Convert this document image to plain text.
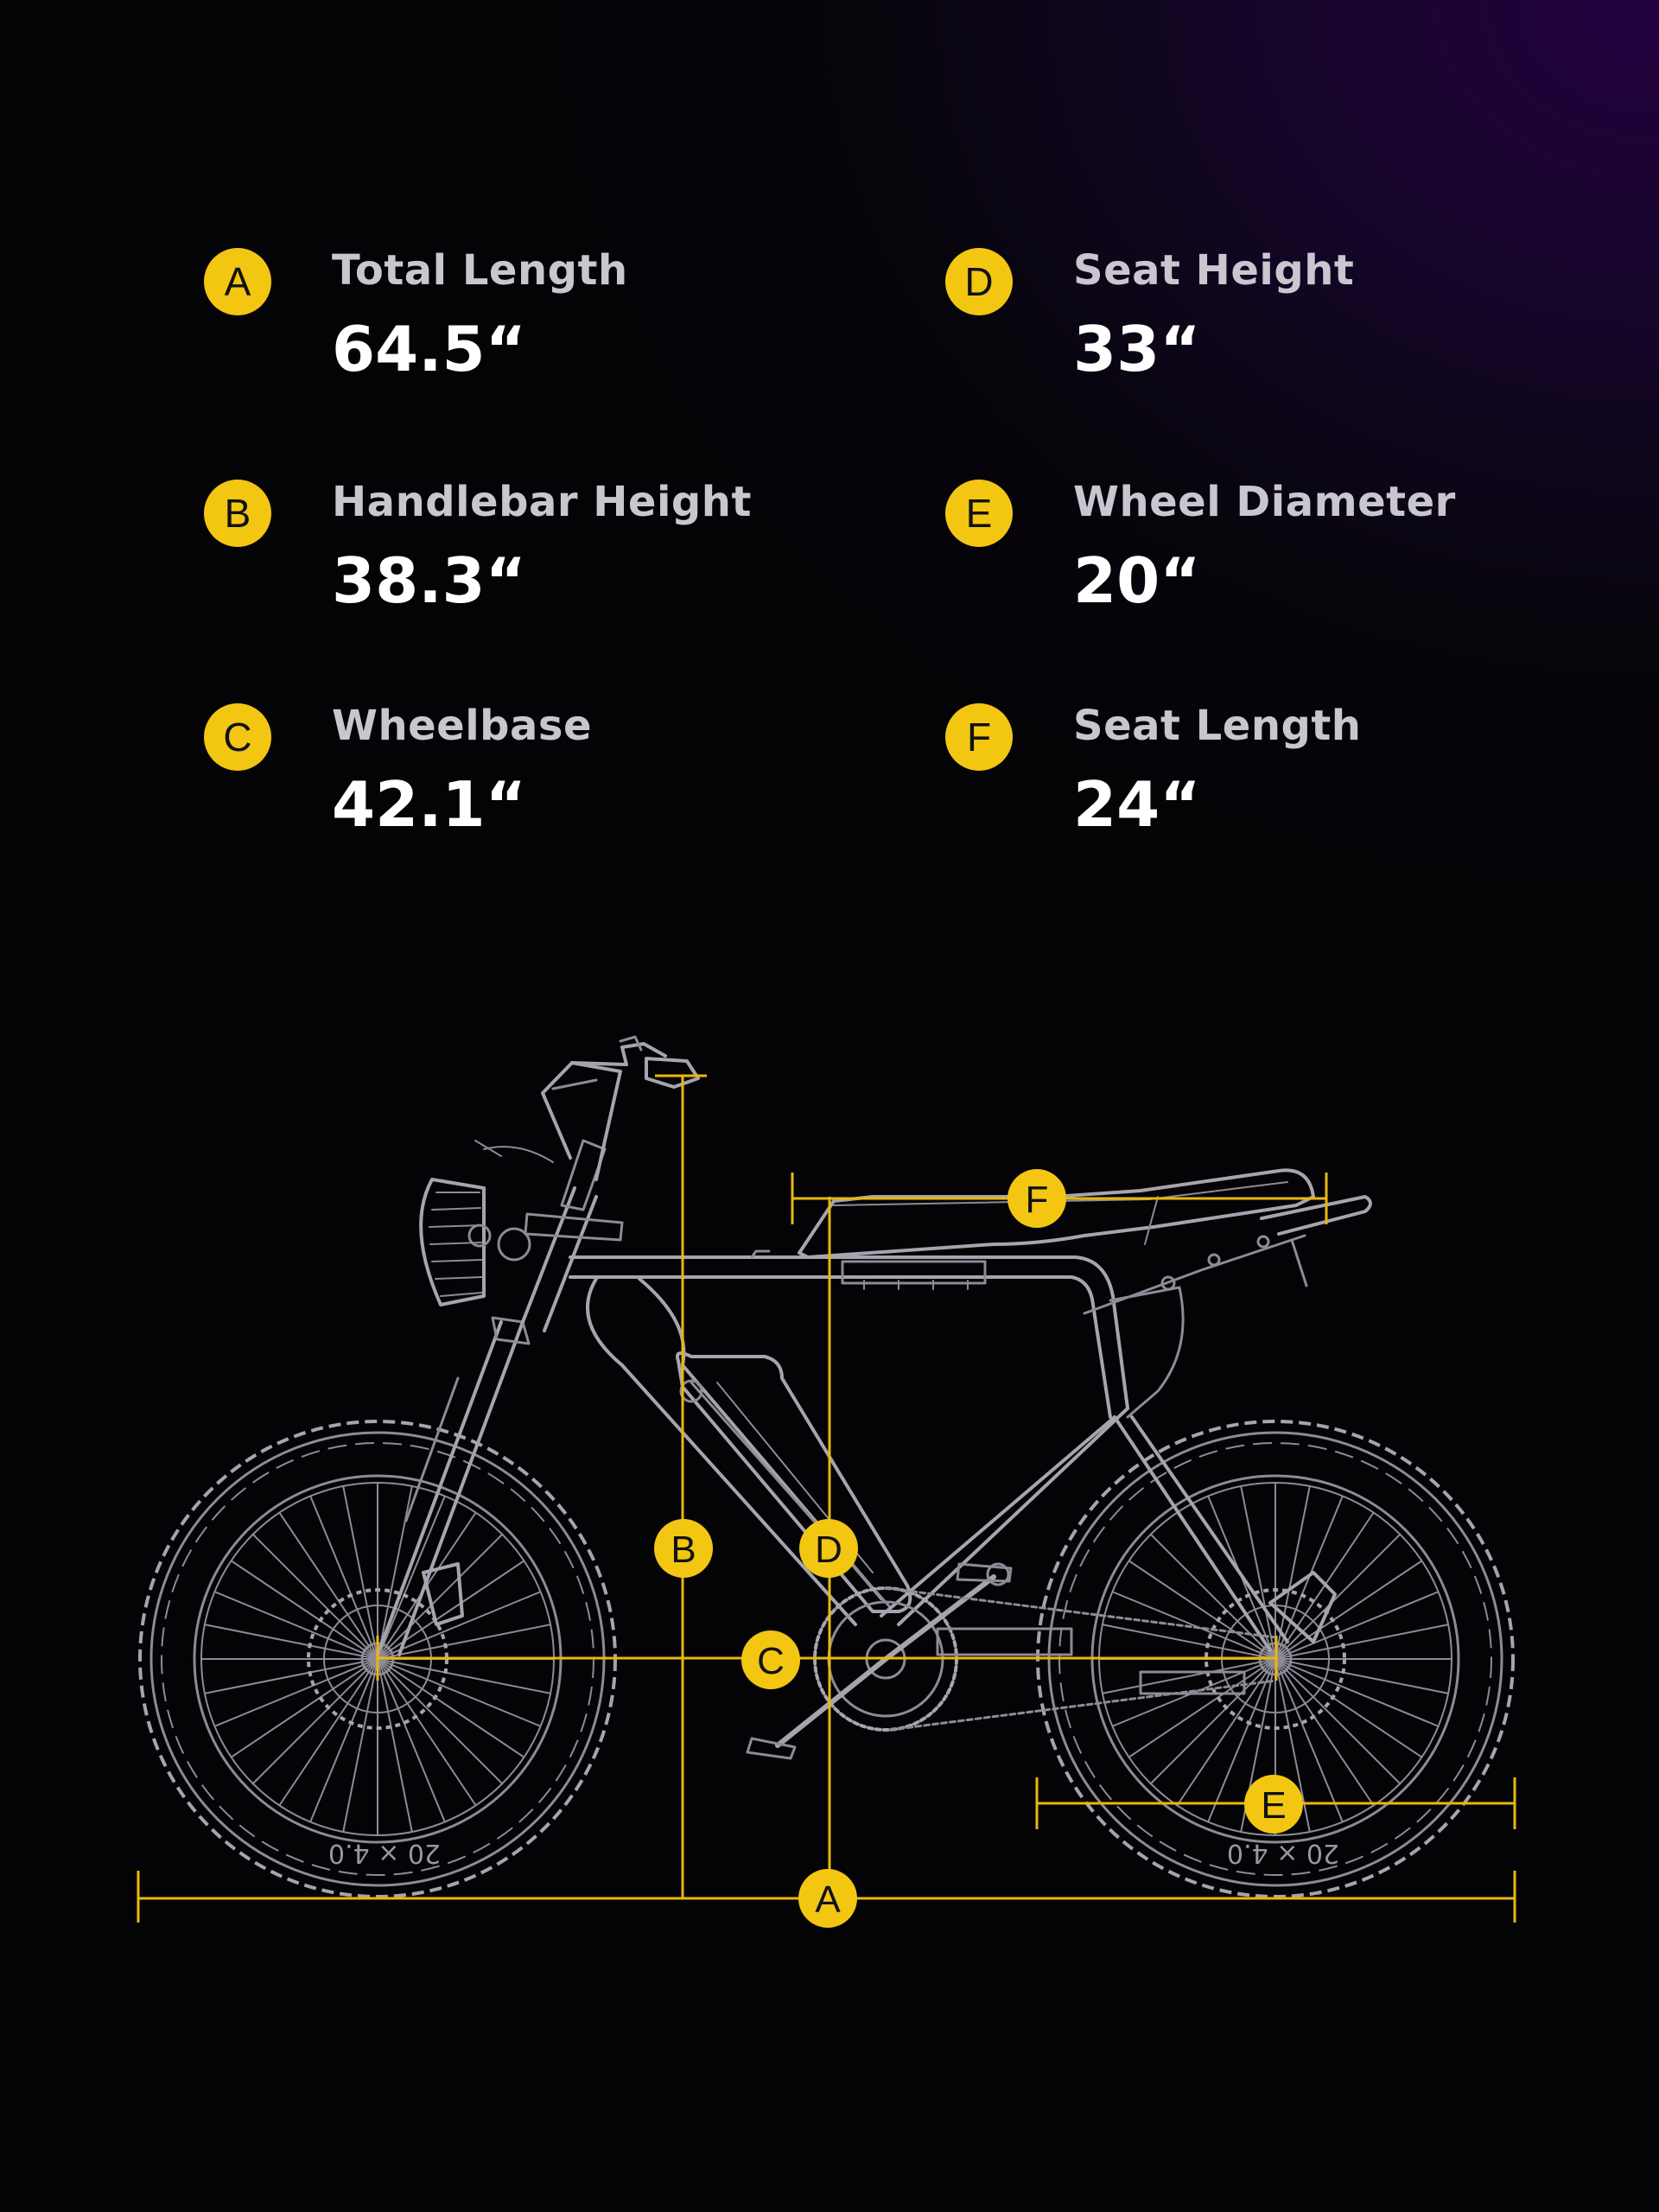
A	Total Length

64.5“

B	Handlebar Height

38.3“

C	Wheelbase

42.1“

D	Seat Height

33“

E	Wheel Diameter

20“

F	Seat Length

24“

20 × 4.0	20 × 4.0
A
B
C
D
E
F
